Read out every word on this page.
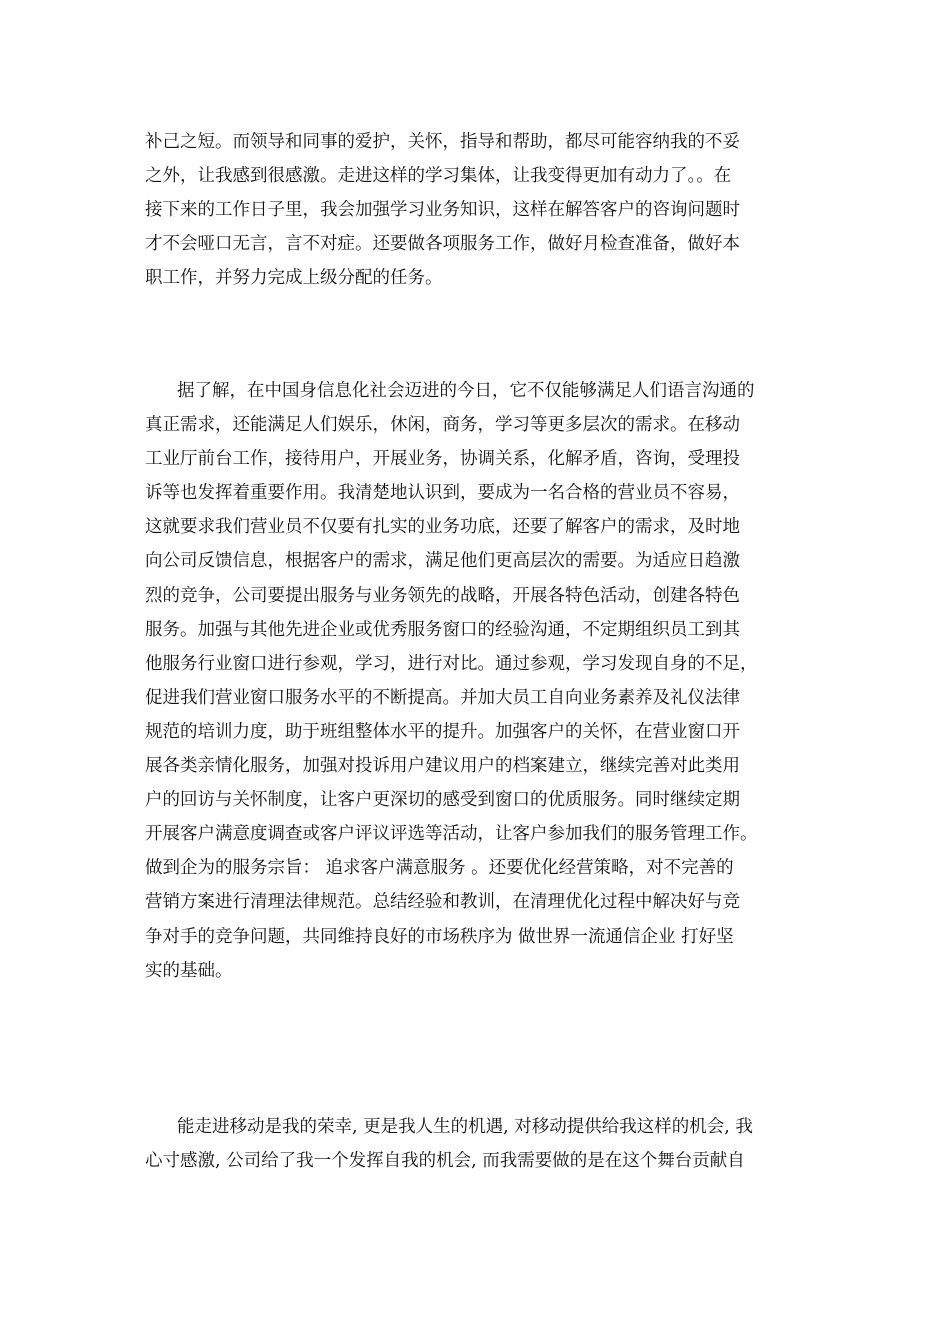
补己之短。而领导和同事的爱护，关怀，指导和帮助，都尽可能容纳我的不妥
之外，让我感到很感激。走进这样的学习集体，让我变得更加有动力了。。在
接下来的工作日子里，我会加强学习业务知识，这样在解答客户的咨询问题时
才不会哑口无言，言不对症。还要做各项服务工作，做好月检查准备，做好本
职工作，并努力完成上级分配的任务。
据了解，在中国身信息化社会迈进的今日，它不仅能够满足人们语言沟通的
真正需求，还能满足人们娱乐，休闲，商务，学习等更多层次的需求。在移动
工业厅前台工作，接待用户，开展业务，协调关系，化解矛盾，咨询，受理投
诉等也发挥着重要作用。我清楚地认识到，要成为一名合格的营业员不容易，
这就要求我们营业员不仅要有扎实的业务功底，还要了解客户的需求，及时地
向公司反馈信息，根据客户的需求，满足他们更高层次的需要。为适应日趋激
烈的竞争，公司要提出服务与业务领先的战略，开展各特色活动，创建各特色
服务。加强与其他先进企业或优秀服务窗口的经验沟通，不定期组织员工到其
他服务行业窗口进行参观，学习，进行对比。通过参观，学习发现自身的不足，
促进我们营业窗口服务水平的不断提高。并加大员工自向业务素养及礼仪法律
规范的培训力度，助于班组整体水平的提升。加强客户的关怀，在营业窗口开
展各类亲情化服务，加强对投诉用户建议用户的档案建立，继续完善对此类用
户的回访与关怀制度，让客户更深切的感受到窗口的优质服务。同时继续定期
开展客户满意度调查或客户评议评选等活动，让客户参加我们的服务管理工作。
做到企为的服务宗旨： 追求客户满意服务 。还要优化经营策略，对不完善的
营销方案进行清理法律规范。总结经验和教训，在清理优化过程中解决好与竞
争对手的竞争问题，共同维持良好的市场秩序为 做世界一流通信企业 打好坚
实的基础。
能走进移动是我的荣幸, 更是我人生的机遇, 对移动提供给我这样的机会, 我
心寸感激, 公司给了我一个发挥自我的机会, 而我需要做的是在这个舞台贡献自
